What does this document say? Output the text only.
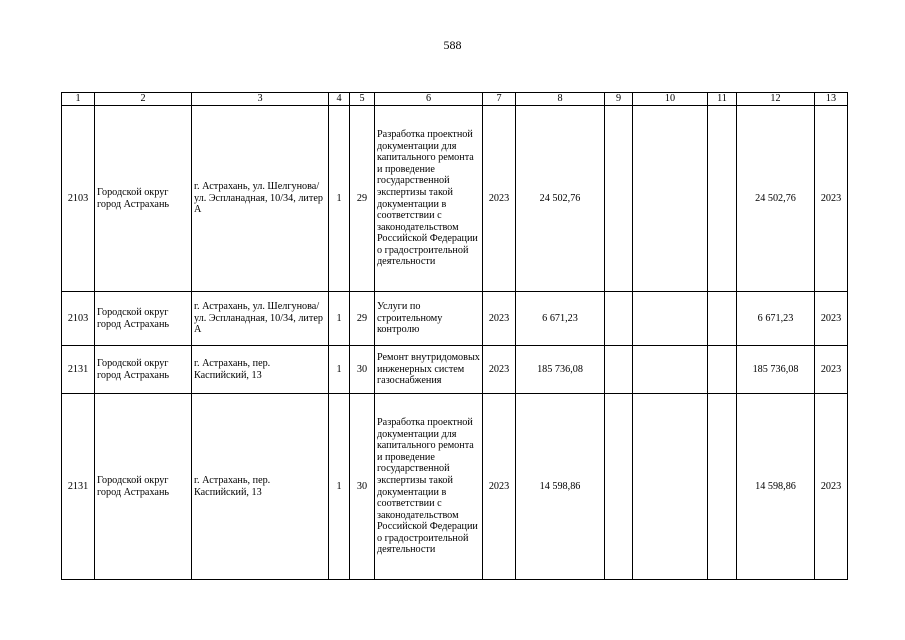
588
1	2	3	4	5	6	7	8	9	10	11	12	13
2103	Городской округ город Астрахань	г. Астрахань, ул. Шелгунова/ ул. Эспланадная, 10/34, литер А	1	29	Разработка проектной документации для капитального ремонта и проведение государственной экспертизы такой документации в соответствии с законодательством Российской Федерации о градостроительной деятельности	2023	24 502,76				24 502,76	2023
2103	Городской округ город Астрахань	г. Астрахань, ул. Шелгунова/ ул. Эспланадная, 10/34, литер А	1	29	Услуги по строительному контролю	2023	6 671,23				6 671,23	2023
2131	Городской округ город Астрахань	г. Астрахань, пер. Каспийский, 13	1	30	Ремонт внутридомовых инженерных систем газоснабжения	2023	185 736,08				185 736,08	2023
2131	Городской округ город Астрахань	г. Астрахань, пер. Каспийский, 13	1	30	Разработка проектной документации для капитального ремонта и проведение государственной экспертизы такой документации в соответствии с законодательством Российской Федерации о градостроительной деятельности	2023	14 598,86				14 598,86	2023
